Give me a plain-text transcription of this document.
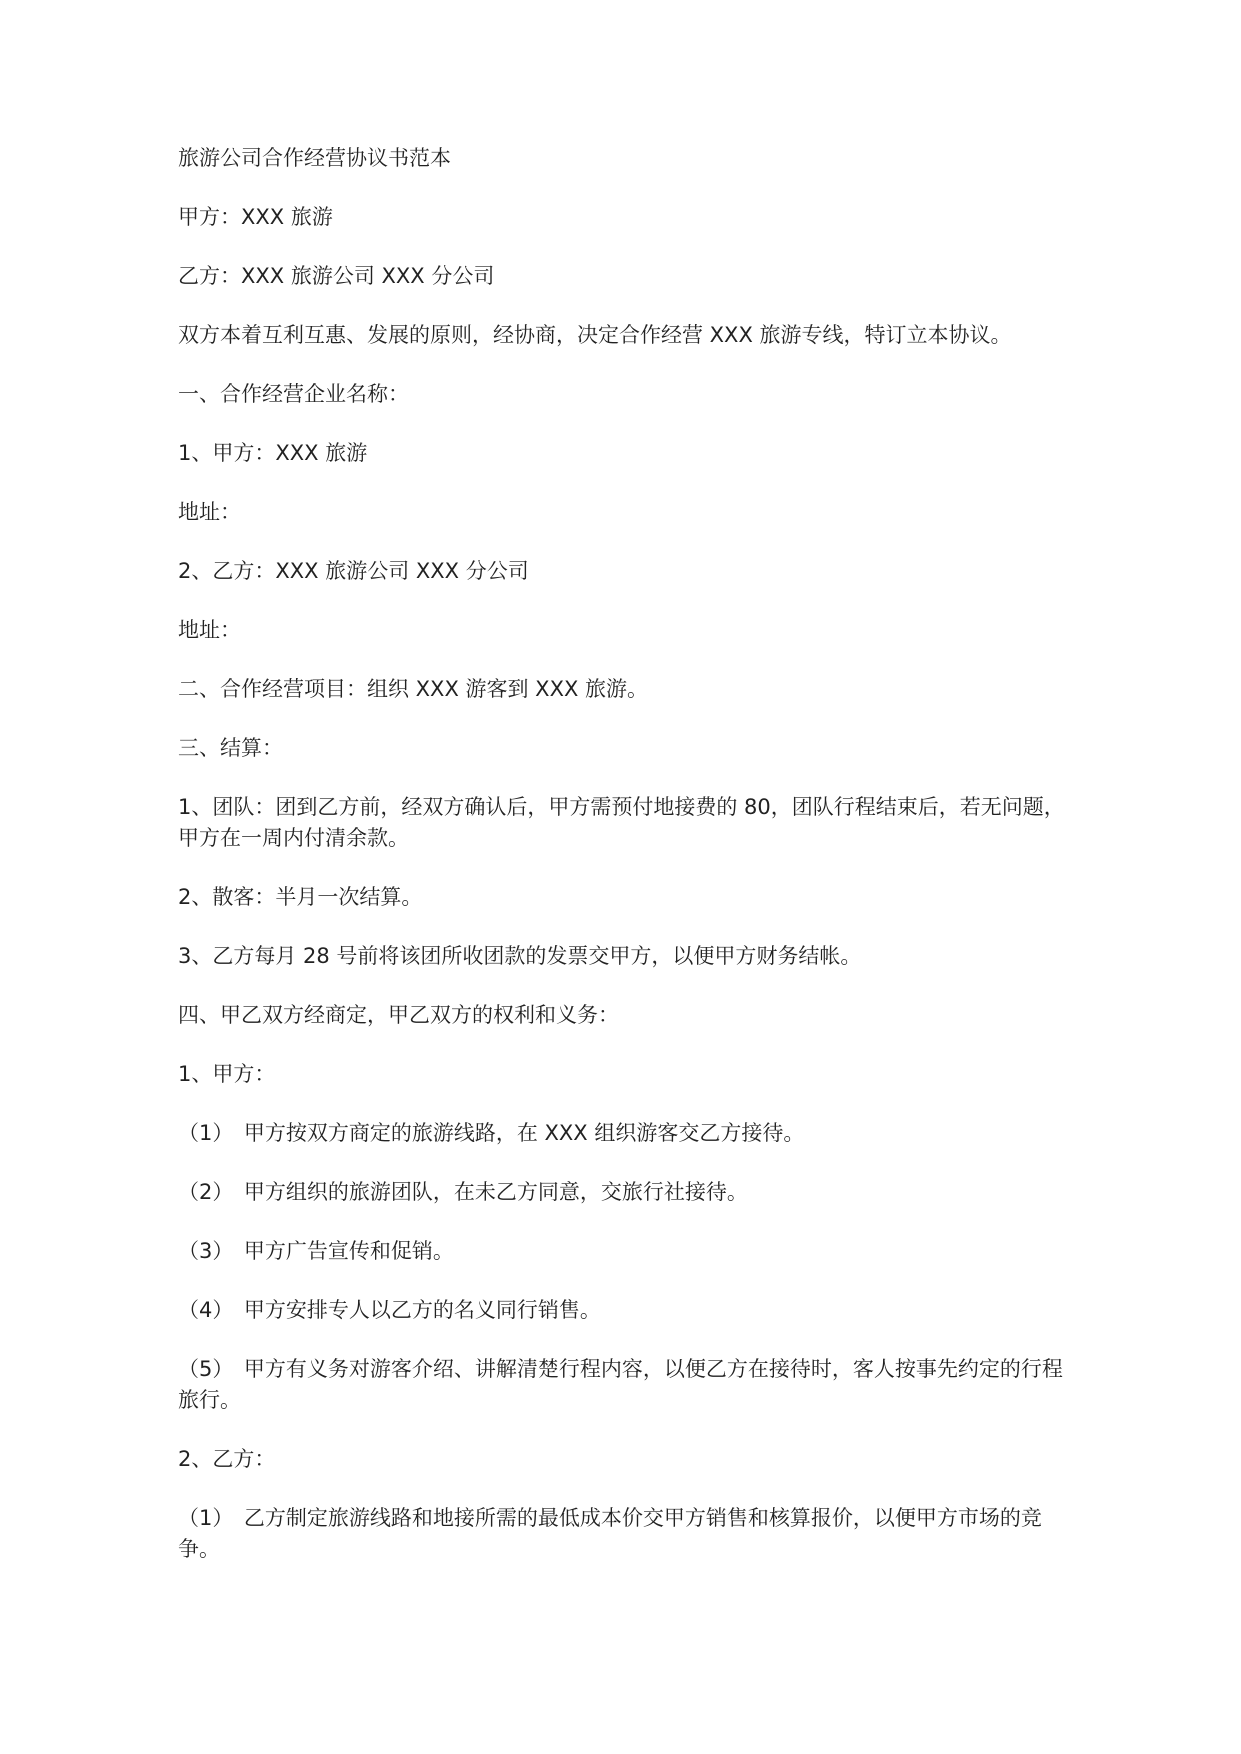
旅游公司合作经营协议书范本

甲方：XXX 旅游

乙方：XXX 旅游公司 XXX 分公司

双方本着互利互惠、发展的原则，经协商，决定合作经营 XXX 旅游专线，特订立本协议。

一、合作经营企业名称：

1、甲方：XXX 旅游

地址：

2、乙方：XXX 旅游公司 XXX 分公司

地址：

二、合作经营项目：组织 XXX 游客到 XXX 旅游。

三、结算：

1、团队：团到乙方前，经双方确认后，甲方需预付地接费的 80，团队行程结束后，若无问题，甲方在一周内付清余款。

2、散客：半月一次结算。

3、乙方每月 28 号前将该团所收团款的发票交甲方，以便甲方财务结帐。

四、甲乙双方经商定，甲乙双方的权利和义务：

1、甲方：

（1）　甲方按双方商定的旅游线路，在 XXX 组织游客交乙方接待。

（2）　甲方组织的旅游团队，在未乙方同意，交旅行社接待。

（3）　甲方广告宣传和促销。

（4）　甲方安排专人以乙方的名义同行销售。

（5）　甲方有义务对游客介绍、讲解清楚行程内容，以便乙方在接待时，客人按事先约定的行程旅行。

2、乙方：

（1）　乙方制定旅游线路和地接所需的最低成本价交甲方销售和核算报价，以便甲方市场的竞争。
